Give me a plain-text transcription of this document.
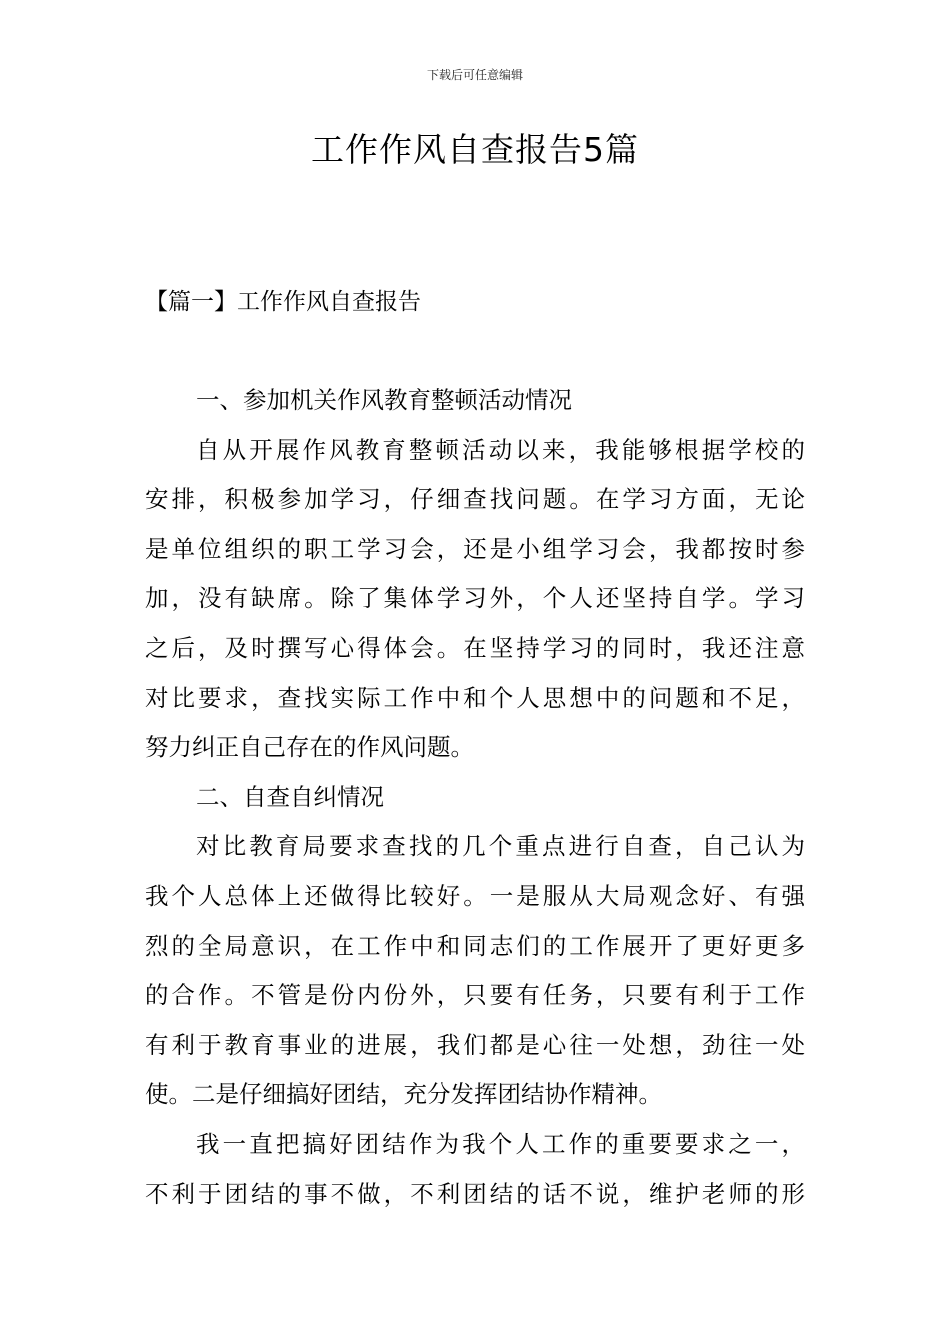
下载后可任意编辑
工作作风自查报告5篇
【篇一】工作作风自查报告
一、参加机关作风教育整顿活动情况
自从开展作风教育整顿活动以来，我能够根据学校的
安排，积极参加学习，仔细查找问题。在学习方面，无论
是单位组织的职工学习会，还是小组学习会，我都按时参
加，没有缺席。除了集体学习外，个人还坚持自学。学习
之后，及时撰写心得体会。在坚持学习的同时，我还注意
对比要求，查找实际工作中和个人思想中的问题和不足，
努力纠正自己存在的作风问题。
二、自查自纠情况
对比教育局要求查找的几个重点进行自查，自己认为
我个人总体上还做得比较好。一是服从大局观念好、有强
烈的全局意识，在工作中和同志们的工作展开了更好更多
的合作。不管是份内份外，只要有任务，只要有利于工作
有利于教育事业的进展，我们都是心往一处想，劲往一处
使。二是仔细搞好团结，充分发挥团结协作精神。
我一直把搞好团结作为我个人工作的重要要求之一，
不利于团结的事不做，不利团结的话不说，维护老师的形
